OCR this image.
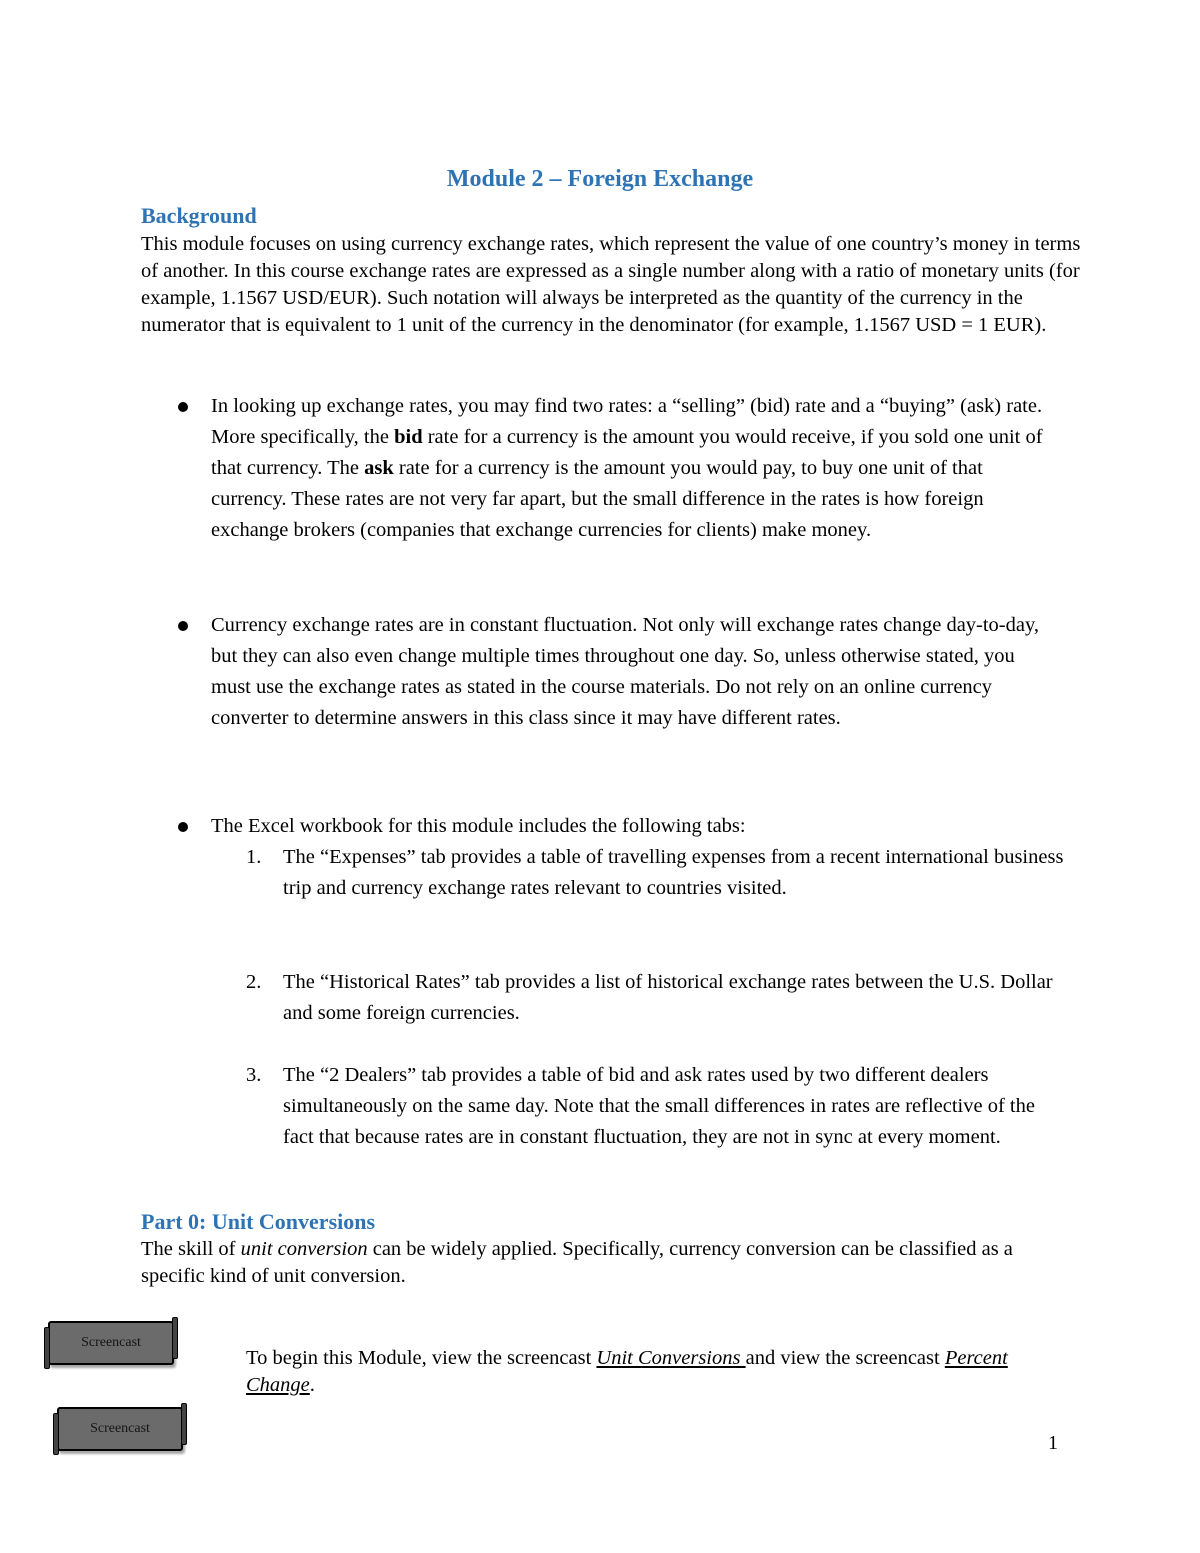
Module 2 – Foreign Exchange
Background

This module focuses on using currency exchange rates, which represent the value of one country’s money in terms of another. In this course exchange rates are expressed as a single number along with a ratio of monetary units (for example, 1.1567 USD/EUR). Such notation will always be interpreted as the quantity of the currency in the numerator that is equivalent to 1 unit of the currency in the denominator (for example, 1.1567 USD = 1 EUR).

In looking up exchange rates, you may find two rates: a “selling” (bid) rate and a “buying” (ask) rate. More specifically, the bid rate for a currency is the amount you would receive, if you sold one unit of that currency. The ask rate for a currency is the amount you would pay, to buy one unit of that currency. These rates are not very far apart, but the small difference in the rates is how foreign exchange brokers (companies that exchange currencies for clients) make money.
Currency exchange rates are in constant fluctuation. Not only will exchange rates change day-to-day, but they can also even change multiple times throughout one day. So, unless otherwise stated, you must use the exchange rates as stated in the course materials. Do not rely on an online currency converter to determine answers in this class since it may have different rates.
The Excel workbook for this module includes the following tabs:
1. The “Expenses” tab provides a table of travelling expenses from a recent international business trip and currency exchange rates relevant to countries visited.
2. The “Historical Rates” tab provides a list of historical exchange rates between the U.S. Dollar and some foreign currencies.
3. The “2 Dealers” tab provides a table of bid and ask rates used by two different dealers simultaneously on the same day. Note that the small differences in rates are reflective of the fact that because rates are in constant fluctuation, they are not in sync at every moment.
Part 0: Unit Conversions

The skill of unit conversion can be widely applied. Specifically, currency conversion can be classified as a specific kind of unit conversion.

Screencast
Screencast

To begin this Module, view the screencast Unit Conversions and view the screencast Percent Change.

1
